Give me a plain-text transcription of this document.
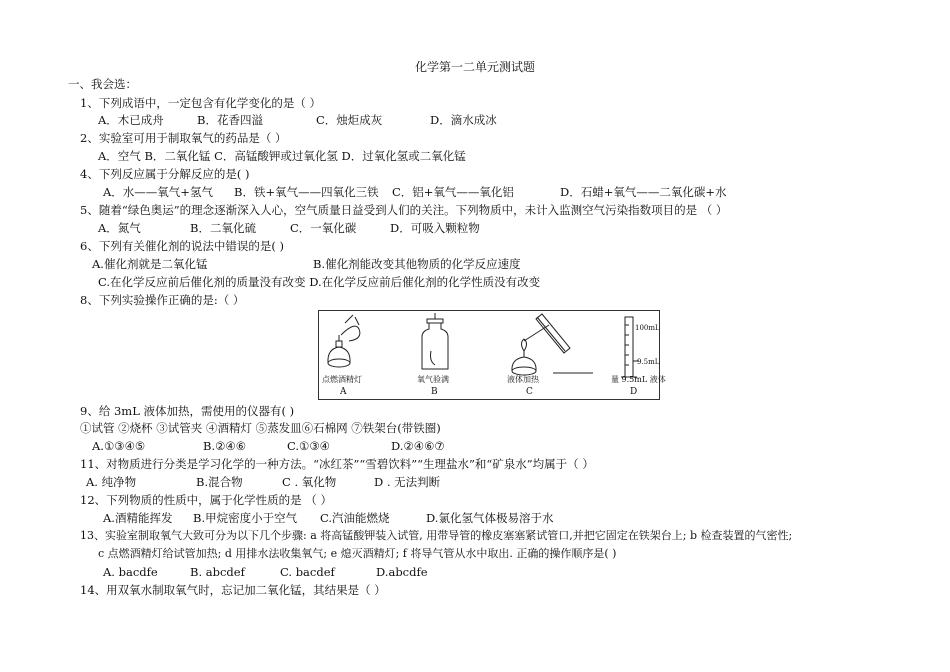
化学第一二单元测试题
一、我会选：
1、下列成语中，一定包含有化学变化的是（ ）
A．木已成舟	B．花香四溢	C．烛炬成灰	D．滴水成冰
2、实验室可用于制取氧气的药品是（ ）
A．空气 B．二氧化锰 C．高锰酸钾或过氧化氢 D．过氧化氢或二氧化锰
4、下列反应属于分解反应的是( )
A．水——氧气+氢气 B．铁+氧气——四氧化三铁 C．铝+氧气——氧化铝	D．石蜡+氧气——二氧化碳+水
5、随着“绿色奥运”的理念逐渐深入人心，空气质量日益受到人们的关注。下列物质中，未计入监测空气污染指数项目的是 （ ）
A．氮气	B．二氧化硫	C．一氧化碳	D．可吸入颗粒物
6、下列有关催化剂的说法中错误的是( )
A.催化剂就是二氧化锰	B.催化剂能改变其他物质的化学反应速度
C.在化学反应前后催化剂的质量没有改变 D.在化学反应前后催化剂的化学性质没有改变
8、下列实验操作正确的是:（ ）
点燃酒精灯	氧气验满	液体加热	量 9.5mL 液体
A	B	C	D
100mL
9.5mL
9、给 3mL 液体加热，需使用的仪器有( )
①试管 ②烧杯 ③试管夹 ④酒精灯 ⑤蒸发皿⑥石棉网 ⑦铁架台(带铁圈)
A.①③④⑤	B.②④⑥	C.①③④	D.②④⑥⑦
11、对物质进行分类是学习化学的一种方法。“冰红茶”“雪碧饮料”“生理盐水”和“矿泉水”均属于（ ）
A. 纯净物	B.混合物	C . 氧化物	D . 无法判断
12、下列物质的性质中，属于化学性质的是 （ ）
A.酒精能挥发 B.甲烷密度小于空气 C.汽油能燃烧	D.氯化氢气体极易溶于水
13、实验室制取氧气大致可分为以下几个步骤: a 将高锰酸钾装入试管, 用带导管的橡皮塞塞紧试管口,并把它固定在铁架台上; b 检查装置的气密性;
c 点燃酒精灯给试管加热; d 用排水法收集氧气; e 熄灭酒精灯; f 将导气管从水中取出. 正确的操作顺序是( )
A. bacdfe	B. abcdef	C. bacdef	D.abcdfe
14、用双氧水制取氧气时，忘记加二氧化锰，其结果是（ ）
